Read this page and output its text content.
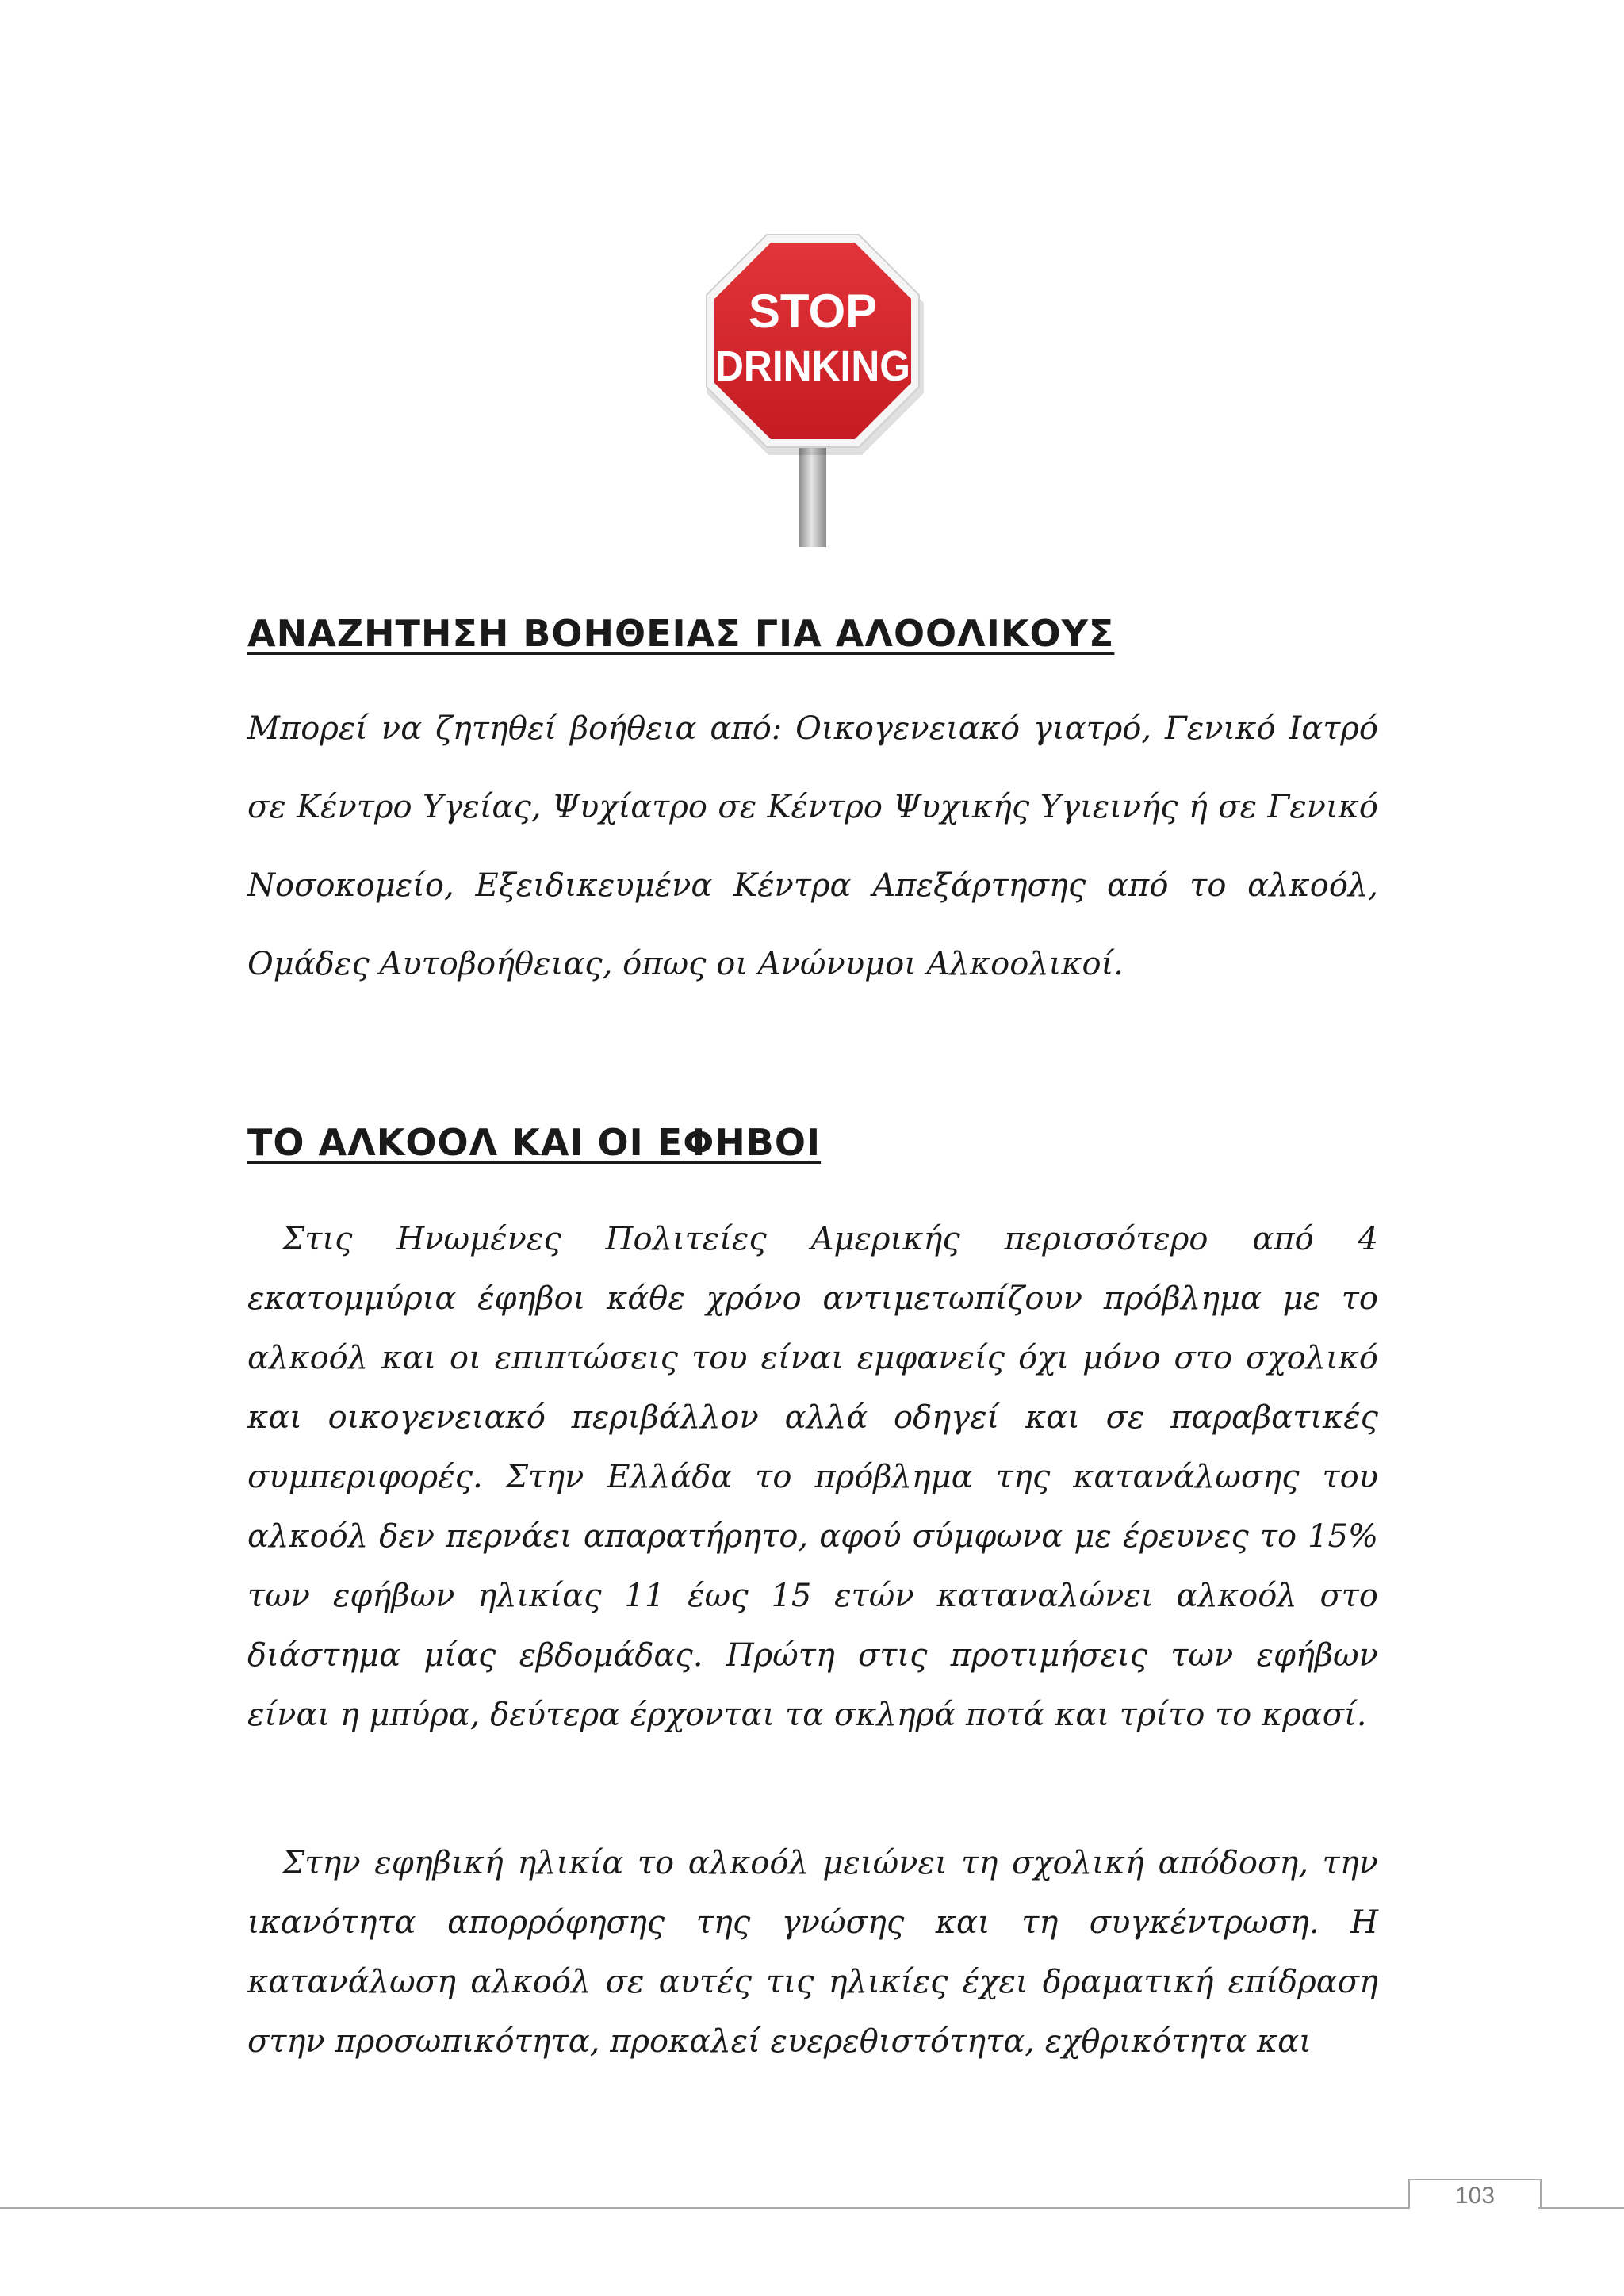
STOP
DRINKING
ΑΝΑΖΗΤΗΣΗ ΒΟΗΘΕΙΑΣ ΓΙΑ ΑΛΟΟΛΙΚΟΥΣ

Μπορεί να ζητηθεί βοήθεια από: Οικογενειακό γιατρό, Γενικό Ιατρό σε Κέντρο Υγείας, Ψυχίατρο σε Κέντρο Ψυχικής Υγιεινής ή σε Γενικό Νοσοκομείο, Εξειδικευμένα Κέντρα Απεξάρτησης από το αλκοόλ, Ομάδες Αυτοβοήθειας, όπως οι Ανώνυμοι Αλκοολικοί.

ΤΟ ΑΛΚΟΟΛ ΚΑΙ ΟΙ ΕΦΗΒΟΙ

Στις Ηνωμένες Πολιτείες Αμερικής περισσότερο από 4 εκατομμύρια έφηβοι κάθε χρόνο αντιμετωπίζουν πρόβλημα με το αλκοόλ και οι επιπτώσεις του είναι εμφανείς όχι μόνο στο σχολικό και οικογενειακό περιβάλλον αλλά οδηγεί και σε παραβατικές συμπεριφορές. Στην Ελλάδα το πρόβλημα της κατανάλωσης του αλκοόλ δεν περνάει απαρατήρητο, αφού σύμφωνα με έρευνες το 15% των εφήβων ηλικίας 11 έως 15 ετών καταναλώνει αλκοόλ στο διάστημα μίας εβδομάδας. Πρώτη στις προτιμήσεις των εφήβων είναι η μπύρα, δεύτερα έρχονται τα σκληρά ποτά και τρίτο το κρασί.

Στην εφηβική ηλικία το αλκοόλ μειώνει τη σχολική απόδοση, την ικανότητα απορρόφησης της γνώσης και τη συγκέντρωση. Η κατανάλωση αλκοόλ σε αυτές τις ηλικίες έχει δραματική επίδραση στην προσωπικότητα, προκαλεί ευερεθιστότητα, εχθρικότητα και

103
